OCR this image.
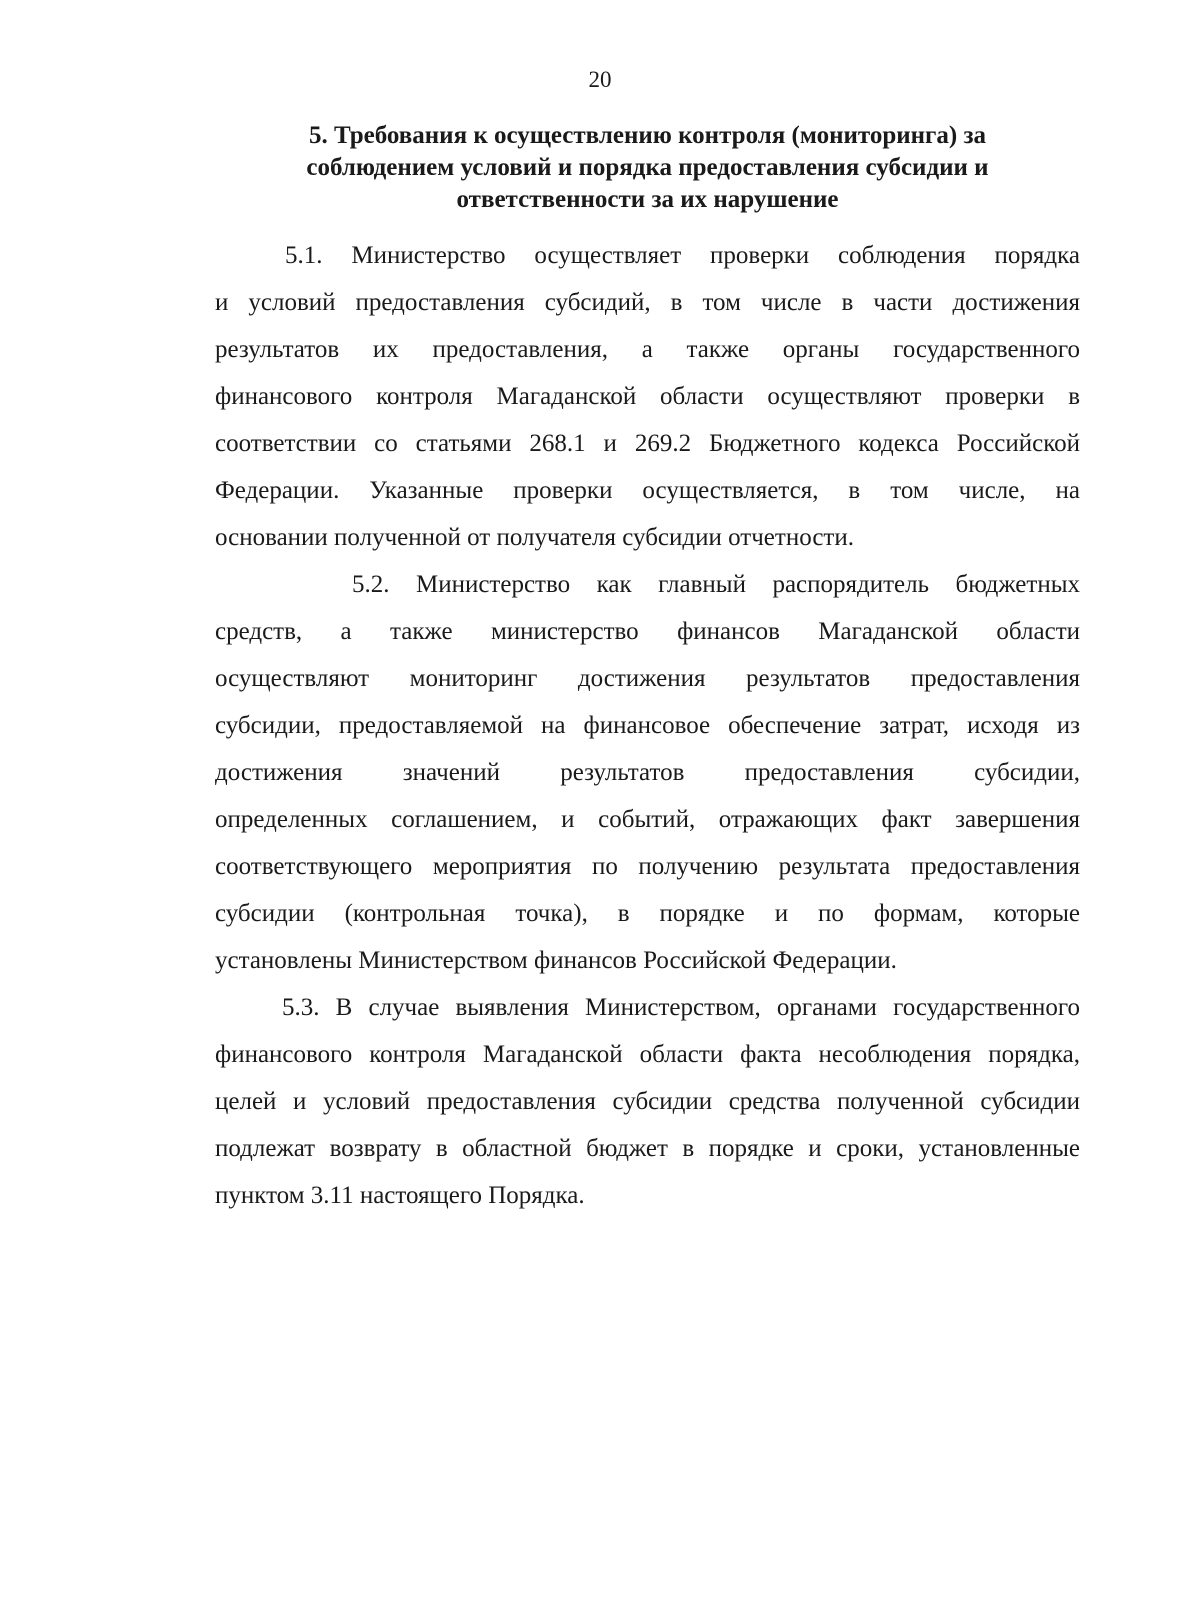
20
5. Требования к осуществлению контроля (мониторинга) за
соблюдением условий и порядка предоставления субсидии и
ответственности за их нарушение

5.1. Министерство осуществляет проверки соблюдения порядка
и условий предоставления субсидий, в том числе в части достижения
результатов их предоставления, а также органы государственного
финансового контроля Магаданской области осуществляют проверки в
соответствии со статьями 268.1 и 269.2 Бюджетного кодекса Российской
Федерации. Указанные проверки осуществляется, в том числе, на
основании полученной от получателя субсидии отчетности.

5.2. Министерство как главный распорядитель бюджетных
средств, а также министерство финансов Магаданской области
осуществляют мониторинг достижения результатов предоставления
субсидии, предоставляемой на финансовое обеспечение затрат, исходя из
достижения значений результатов предоставления субсидии,
определенных соглашением, и событий, отражающих факт завершения
соответствующего мероприятия по получению результата предоставления
субсидии (контрольная точка), в порядке и по формам, которые
установлены Министерством финансов Российской Федерации.

5.3. В случае выявления Министерством, органами государственного
финансового контроля Магаданской области факта несоблюдения порядка,
целей и условий предоставления субсидии средства полученной субсидии
подлежат возврату в областной бюджет в порядке и сроки, установленные
пунктом 3.11 настоящего Порядка.
